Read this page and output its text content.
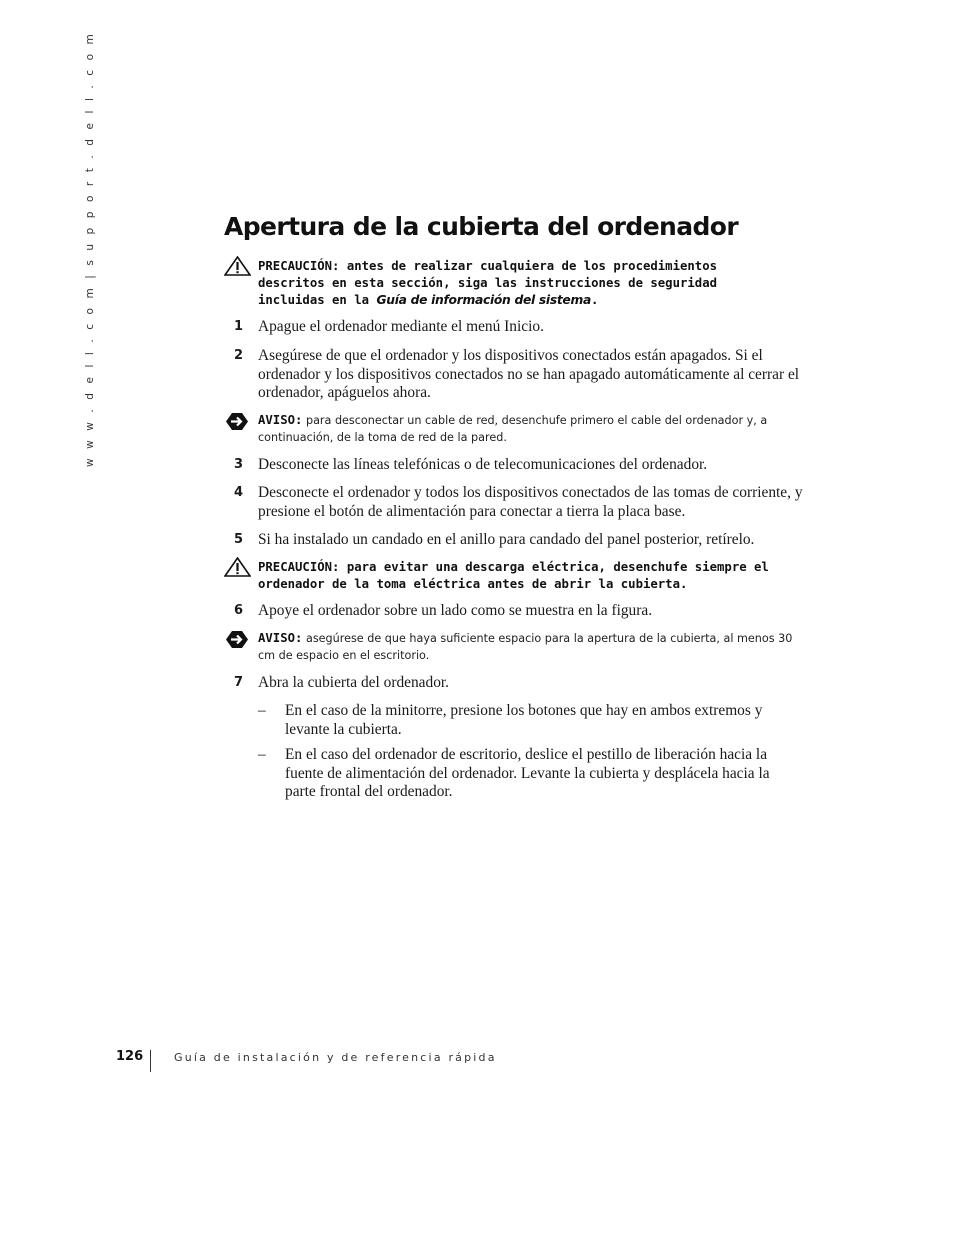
w w w . d e l l . c o m | s u p p o r t . d e l l . c o m	Apertura de la cubierta del ordenador
PRECAUCIÓN: antes de realizar cualquiera de los procedimientos descritos en esta sección, siga las instrucciones de seguridad incluidas en la Guía de información del sistema.
1 Apague el ordenador mediante el menú Inicio.
2 Asegúrese de que el ordenador y los dispositivos conectados están apagados. Si el ordenador y los dispositivos conectados no se han apagado automáticamente al cerrar el ordenador, apáguelos ahora.
AVISO: para desconectar un cable de red, desenchufe primero el cable del ordenador y, a continuación, de la toma de red de la pared.
3 Desconecte las líneas telefónicas o de telecomunicaciones del ordenador.
4 Desconecte el ordenador y todos los dispositivos conectados de las tomas de corriente, y presione el botón de alimentación para conectar a tierra la placa base.
5 Si ha instalado un candado en el anillo para candado del panel posterior, retírelo.
PRECAUCIÓN: para evitar una descarga eléctrica, desenchufe siempre el ordenador de la toma eléctrica antes de abrir la cubierta.
6 Apoye el ordenador sobre un lado como se muestra en la figura.
AVISO: asegúrese de que haya suficiente espacio para la apertura de la cubierta, al menos 30 cm de espacio en el escritorio.
7 Abra la cubierta del ordenador.
– En el caso de la minitorre, presione los botones que hay en ambos extremos y levante la cubierta.
– En el caso del ordenador de escritorio, deslice el pestillo de liberación hacia la fuente de alimentación del ordenador. Levante la cubierta y desplácela hacia la parte frontal del ordenador.
126	Guía de instalación y de referencia rápida
